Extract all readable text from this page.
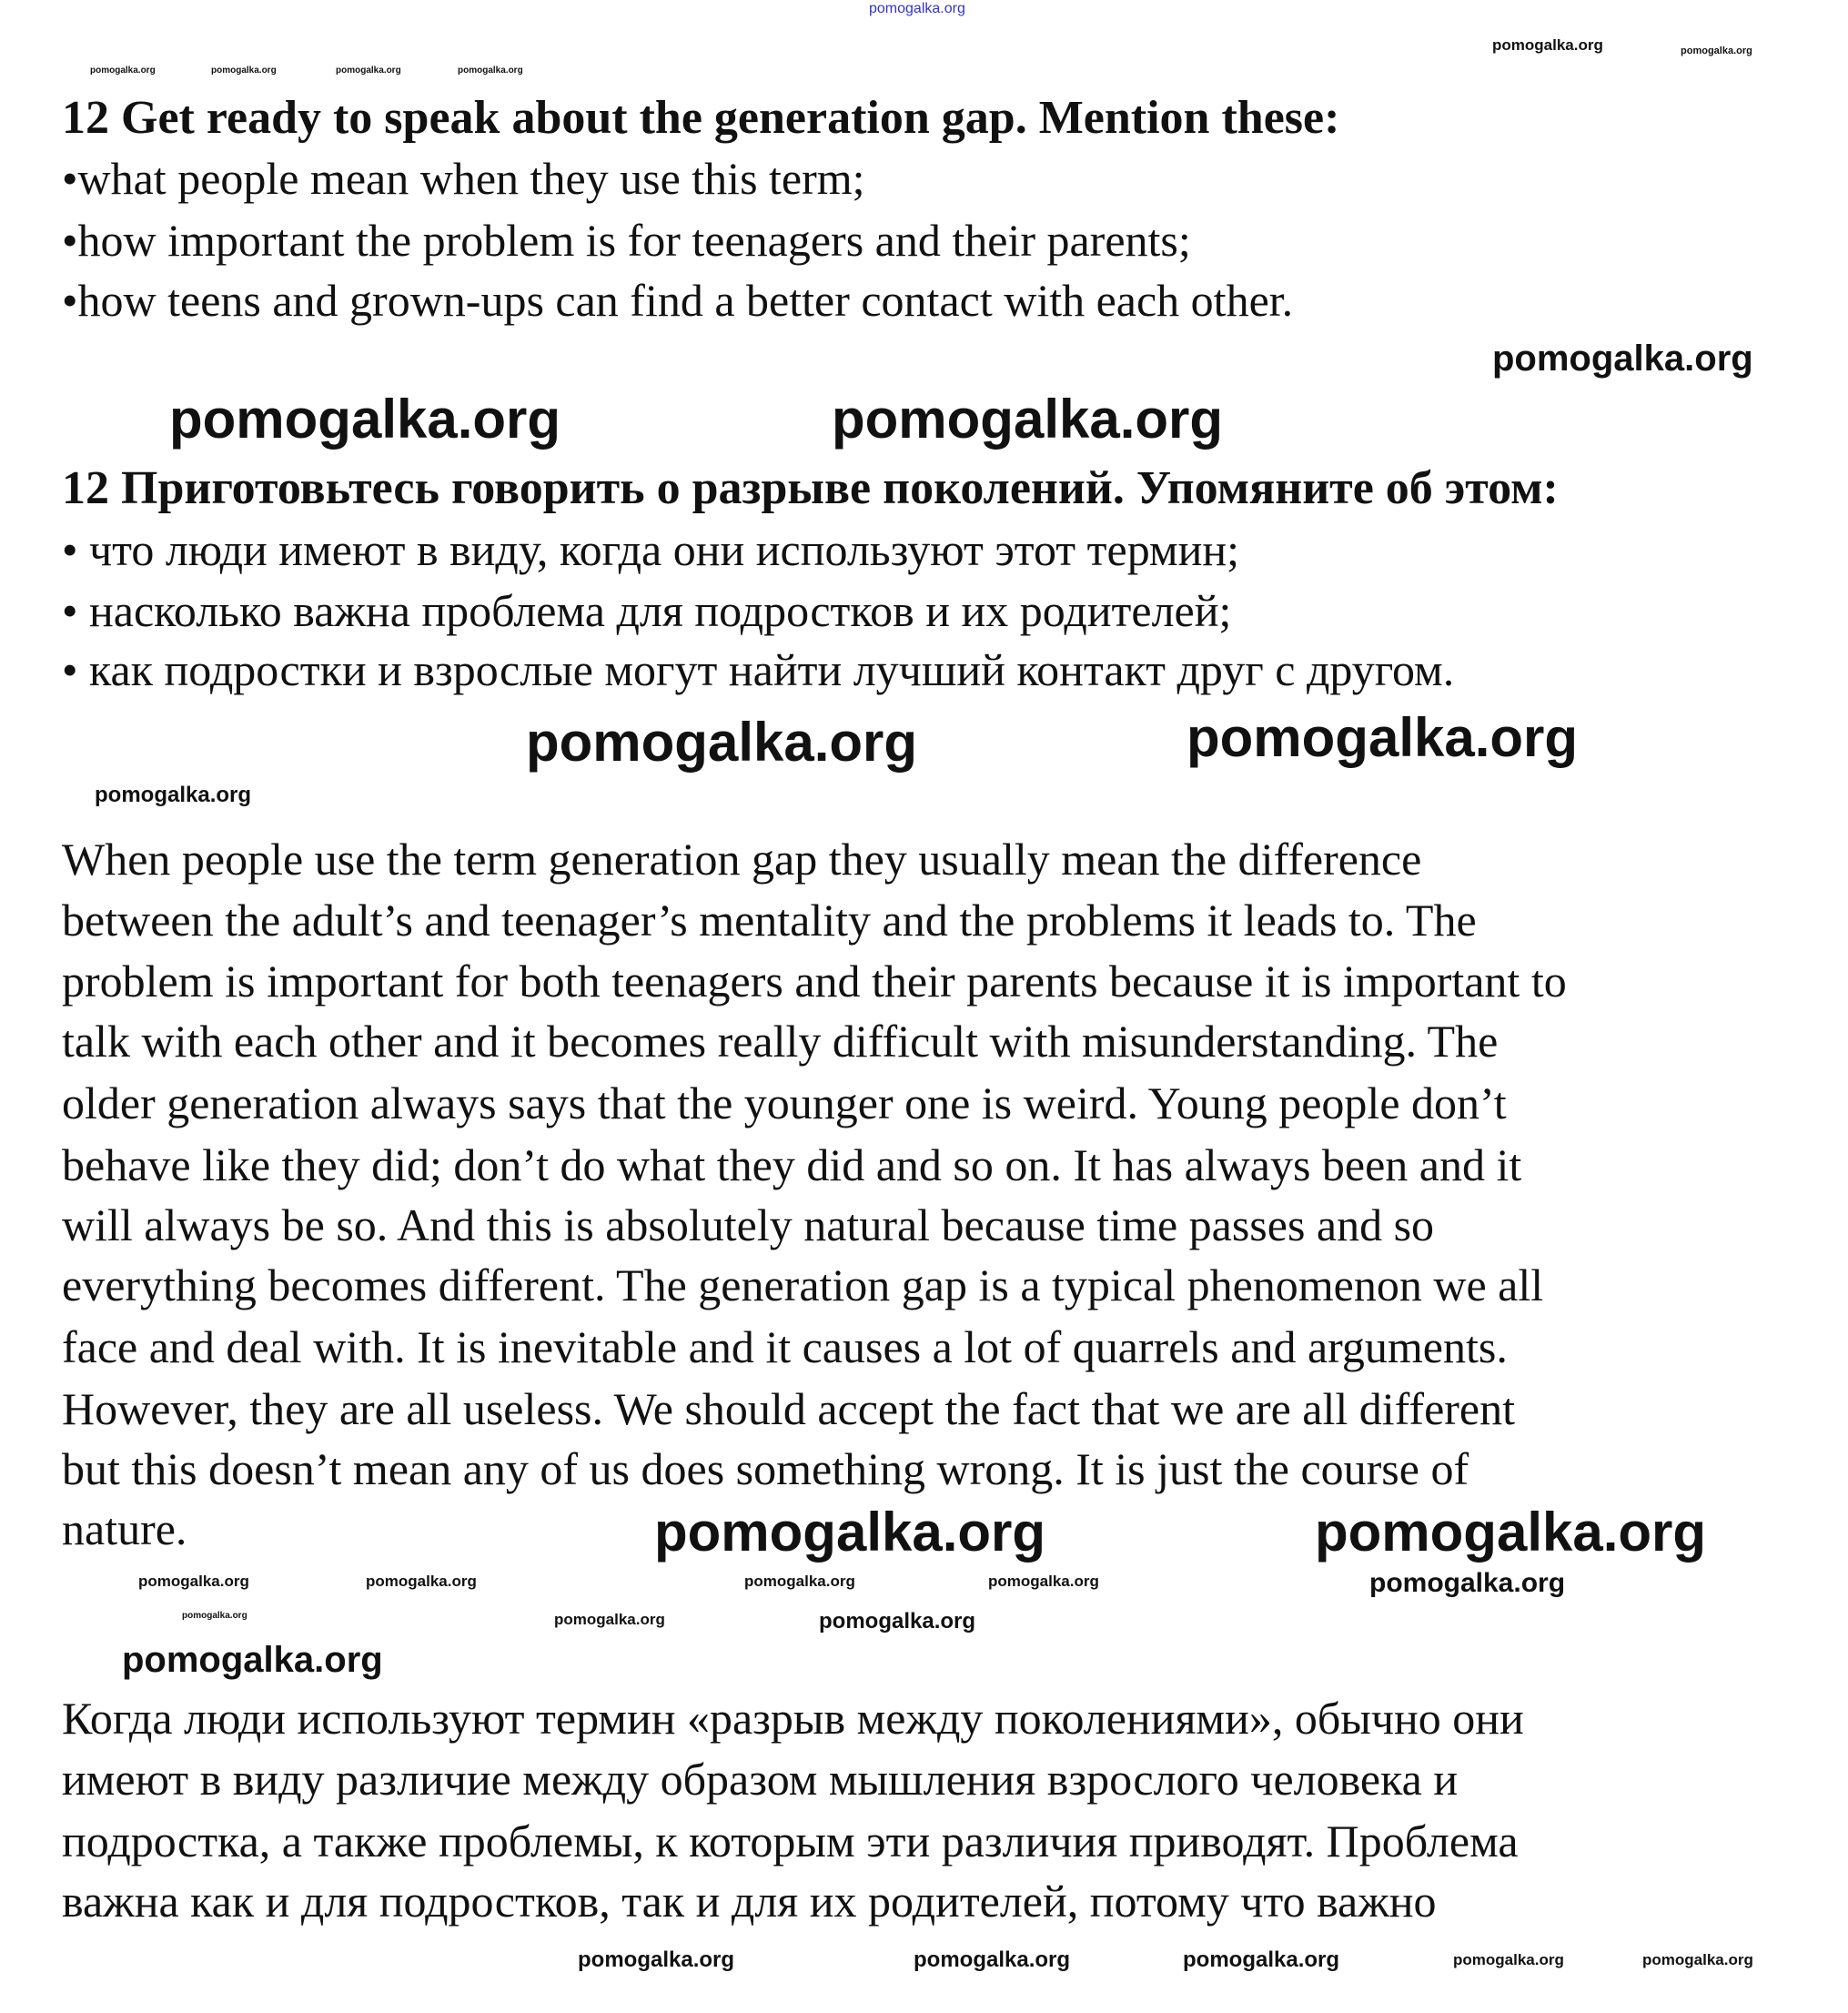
12 Get ready to speak about the generation gap. Mention these:
•what people mean when they use this term;
•how important the problem is for teenagers and their parents;
•how teens and grown-ups can find a better contact with each other.
12 Приготовьтесь говорить о разрыве поколений. Упомяните об этом:
• что люди имеют в виду, когда они используют этот термин;
• насколько важна проблема для подростков и их родителей;
• как подростки и взрослые могут найти лучший контакт друг с другом.
When people use the term generation gap they usually mean the difference
between the adult’s and teenager’s mentality and the problems it leads to. The
problem is important for both teenagers and their parents because it is important to
talk with each other and it becomes really difficult with misunderstanding. The
older generation always says that the younger one is weird. Young people don’t
behave like they did; don’t do what they did and so on. It has always been and it
will always be so. And this is absolutely natural because time passes and so
everything becomes different. The generation gap is a typical phenomenon we all
face and deal with. It is inevitable and it causes a lot of quarrels and arguments.
However, they are all useless. We should accept the fact that we are all different
but this doesn’t mean any of us does something wrong. It is just the course of
nature.
Когда люди используют термин «разрыв между поколениями», обычно они
имеют в виду различие между образом мышления взрослого человека и
подростка, а также проблемы, к которым эти различия приводят. Проблема
важна как и для подростков, так и для их родителей, потому что важно
pomogalka.org
pomogalka.org	pomogalka.org
pomogalka.org	pomogalka.org	pomogalka.org	pomogalka.org
pomogalka.org
pomogalka.org
pomogalka.org
pomogalka.org
pomogalka.org
pomogalka.org
pomogalka.org	pomogalka.org
pomogalka.org	pomogalka.org	pomogalka.org	pomogalka.org	pomogalka.org
pomogalka.org	pomogalka.org	pomogalka.org
pomogalka.org
pomogalka.org	pomogalka.org	pomogalka.org	pomogalka.org	pomogalka.org
